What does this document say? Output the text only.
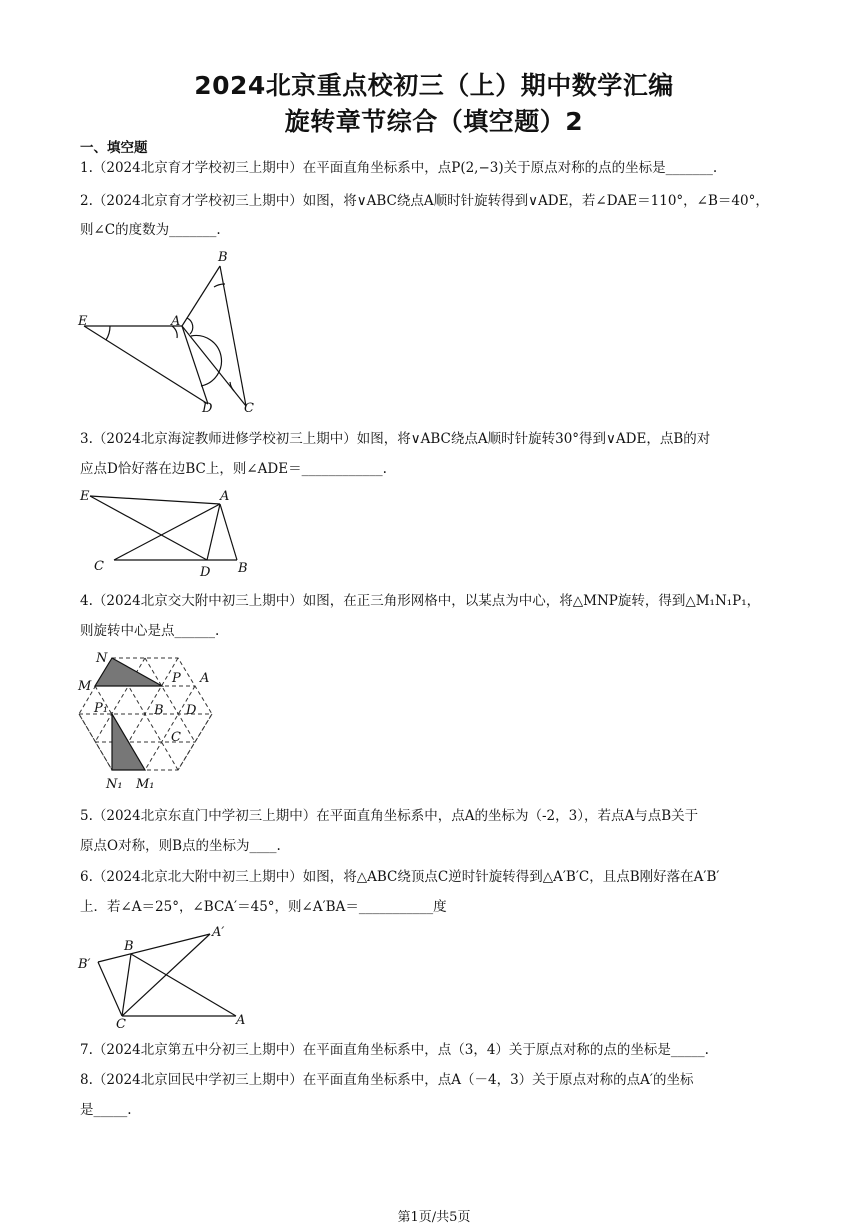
2024北京重点校初三（上）期中数学汇编
旋转章节综合（填空题）2
一、填空题
1.（2024北京育才学校初三上期中）在平面直角坐标系中，点P(2,−3)关于原点对称的点的坐标是_______.
2.（2024北京育才学校初三上期中）如图，将∨ABC绕点A顺时针旋转得到∨ADE，若∠DAE＝110°，∠B＝40°，
则∠C的度数为_______.
B
E	A
D C
3.（2024北京海淀教师进修学校初三上期中）如图，将∨ABC绕点A顺时针旋转30°得到∨ADE，点B的对
应点D恰好落在边BC上，则∠ADE＝____________.
E	A
C	D B
4.（2024北京交大附中初三上期中）如图，在正三角形网格中，以某点为中心，将△MNP旋转，得到△M₁N₁P₁，
则旋转中心是点______.
N
M
P A
P₁	B D
C
N₁ M₁
5.（2024北京东直门中学初三上期中）在平面直角坐标系中，点A的坐标为（-2，3），若点A与点B关于
原点O对称，则B点的坐标为____.
6.（2024北京北大附中初三上期中）如图，将△ABC绕顶点C逆时针旋转得到△A′B′C，且点B刚好落在A′B′
上．若∠A＝25°，∠BCA′＝45°，则∠A′BA＝___________度
B
A′
B′
C	A
7.（2024北京第五中分初三上期中）在平面直角坐标系中，点（3，4）关于原点对称的点的坐标是_____.
8.（2024北京回民中学初三上期中）在平面直角坐标系中，点A（－4，3）关于原点对称的点A′的坐标
是_____.
第1页/共5页
